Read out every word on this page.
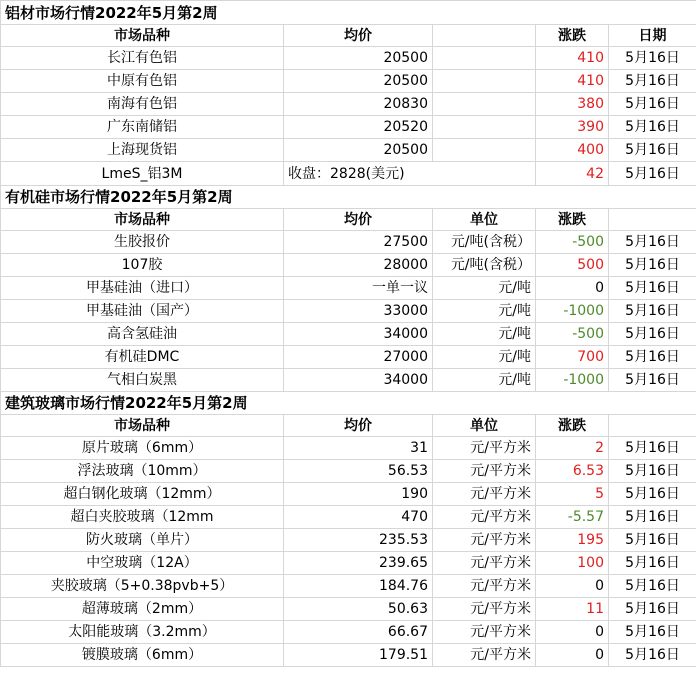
铝材市场行情2022年5月第2周				
市场品种	均价		涨跌	日期
长江有色铝	20500		410	5月16日
中原有色铝	20500		410	5月16日
南海有色铝	20830		380	5月16日
广东南储铝	20520		390	5月16日
上海现货铝	20500		400	5月16日
LmeS_铝3M	收盘：2828(美元)		42	5月16日
有机硅市场行情2022年5月第2周				
市场品种	均价	单位	涨跌	
生胶报价	27500	元/吨(含税）	-500	5月16日
107胶	28000	元/吨(含税）	500	5月16日
甲基硅油（进口）	一单一议	元/吨	0	5月16日
甲基硅油（国产）	33000	元/吨	-1000	5月16日
高含氢硅油	34000	元/吨	-500	5月16日
有机硅DMC	27000	元/吨	700	5月16日
气相白炭黑	34000	元/吨	-1000	5月16日
建筑玻璃市场行情2022年5月第2周				
市场品种	均价	单位	涨跌	
原片玻璃（6mm）	31	元/平方米	2	5月16日
浮法玻璃（10mm）	56.53	元/平方米	6.53	5月16日
超白钢化玻璃（12mm）	190	元/平方米	5	5月16日
超白夹胶玻璃（12mm	470	元/平方米	-5.57	5月16日
防火玻璃（单片）	235.53	元/平方米	195	5月16日
中空玻璃（12A）	239.65	元/平方米	100	5月16日
夹胶玻璃（5+0.38pvb+5）	184.76	元/平方米	0	5月16日
超薄玻璃（2mm）	50.63	元/平方米	11	5月16日
太阳能玻璃（3.2mm）	66.67	元/平方米	0	5月16日
镀膜玻璃（6mm）	179.51	元/平方米	0	5月16日
